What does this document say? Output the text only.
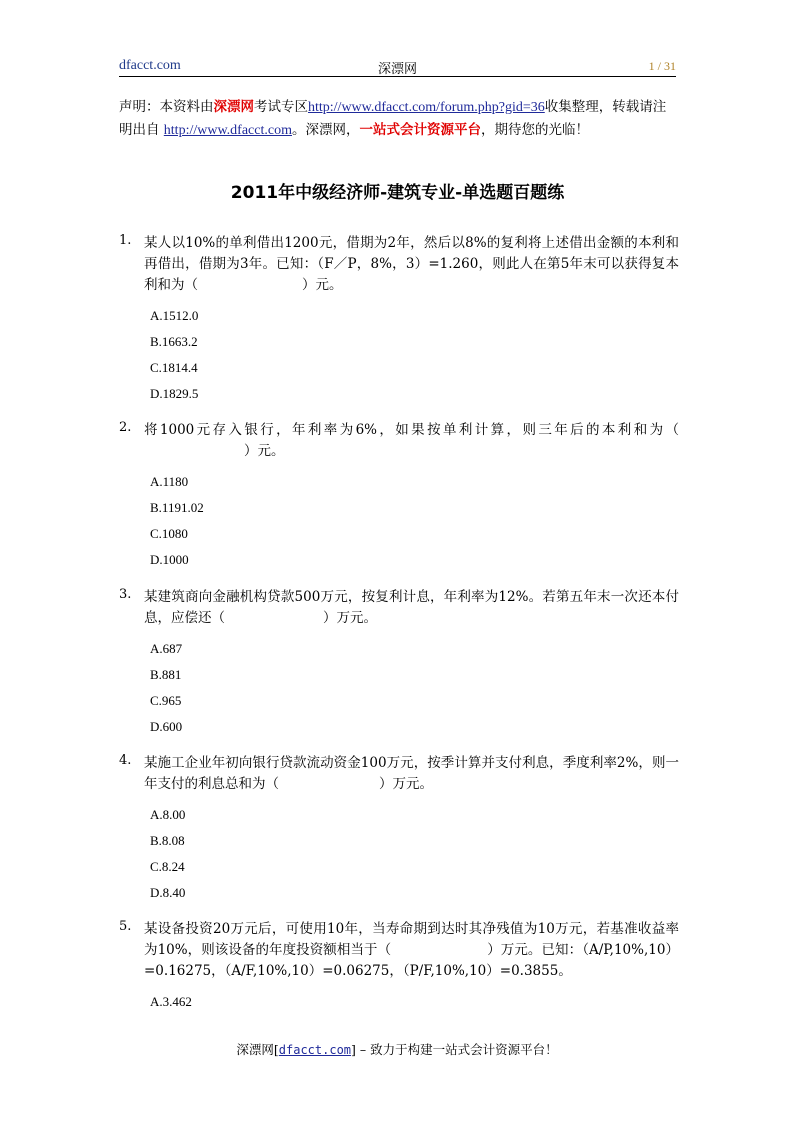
dfacct.com	深漂网	1 / 31
声明：本资料由深漂网考试专区http://www.dfacct.com/forum.php?gid=36收集整理，转载请注明出自 http://www.dfacct.com。深漂网，一站式会计资源平台，期待您的光临！
2011年中级经济师-建筑专业-单选题百题练
1. 某人以10%的单利借出1200元，借期为2年，然后以8%的复利将上述借出金额的本利和再借出，借期为3年。已知：（F／P，8%，3）=1.260，则此人在第5年末可以获得复本利和为（	）元。
A.1512.0
B.1663.2
C.1814.4
D.1829.5
2. 将1000元存入银行，年利率为6%，如果按单利计算，则三年后的本利和为（）元。
A.1180
B.1191.02
C.1080
D.1000
3. 某建筑商向金融机构贷款500万元，按复利计息，年利率为12%。若第五年末一次还本付息，应偿还（	）万元。
A.687
B.881
C.965
D.600
4. 某施工企业年初向银行贷款流动资金100万元，按季计算并支付利息，季度利率2%，则一年支付的利息总和为（	）万元。
A.8.00
B.8.08
C.8.24
D.8.40
5. 某设备投资20万元后，可使用10年，当寿命期到达时其净残值为10万元，若基准收益率为10%，则该设备的年度投资额相当于（	）万元。已知：（A/P,10%,10）=0.16275，（A/F,10%,10）=0.06275，（P/F,10%,10）=0.3855。
A.3.462
深漂网[dfacct.com] – 致力于构建一站式会计资源平台！
